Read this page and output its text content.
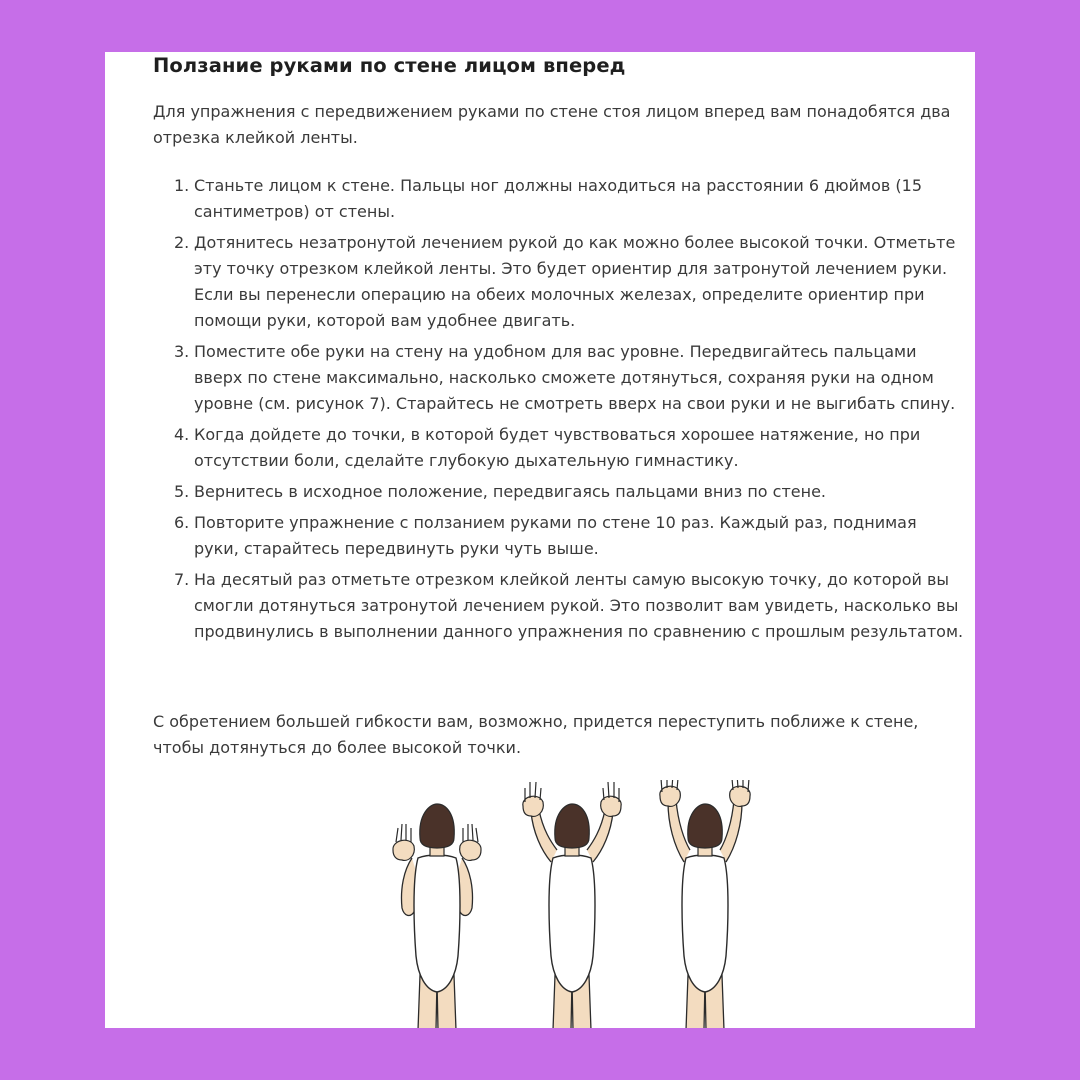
Ползание руками по стене лицом вперед

Для упражнения с передвижением руками по стене стоя лицом вперед вам понадобятся два отрезка клейкой ленты.

1. Станьте лицом к стене. Пальцы ног должны находиться на расстоянии 6 дюймов (15 сантиметров) от стены.
2. Дотянитесь незатронутой лечением рукой до как можно более высокой точки. Отметьте эту точку отрезком клейкой ленты. Это будет ориентир для затронутой лечением руки. Если вы перенесли операцию на обеих молочных железах, определите ориентир при помощи руки, которой вам удобнее двигать.
3. Поместите обе руки на стену на удобном для вас уровне. Передвигайтесь пальцами вверх по стене максимально, насколько сможете дотянуться, сохраняя руки на одном уровне (см. рисунок 7). Старайтесь не смотреть вверх на свои руки и не выгибать спину.
4. Когда дойдете до точки, в которой будет чувствоваться хорошее натяжение, но при отсутствии боли, сделайте глубокую дыхательную гимнастику.
5. Вернитесь в исходное положение, передвигаясь пальцами вниз по стене.
6. Повторите упражнение с ползанием руками по стене 10 раз. Каждый раз, поднимая руки, старайтесь передвинуть руки чуть выше.
7. На десятый раз отметьте отрезком клейкой ленты самую высокую точку, до которой вы смогли дотянуться затронутой лечением рукой. Это позволит вам увидеть, насколько вы продвинулись в выполнении данного упражнения по сравнению с прошлым результатом.

С обретением большей гибкости вам, возможно, придется переступить поближе к стене, чтобы дотянуться до более высокой точки.
